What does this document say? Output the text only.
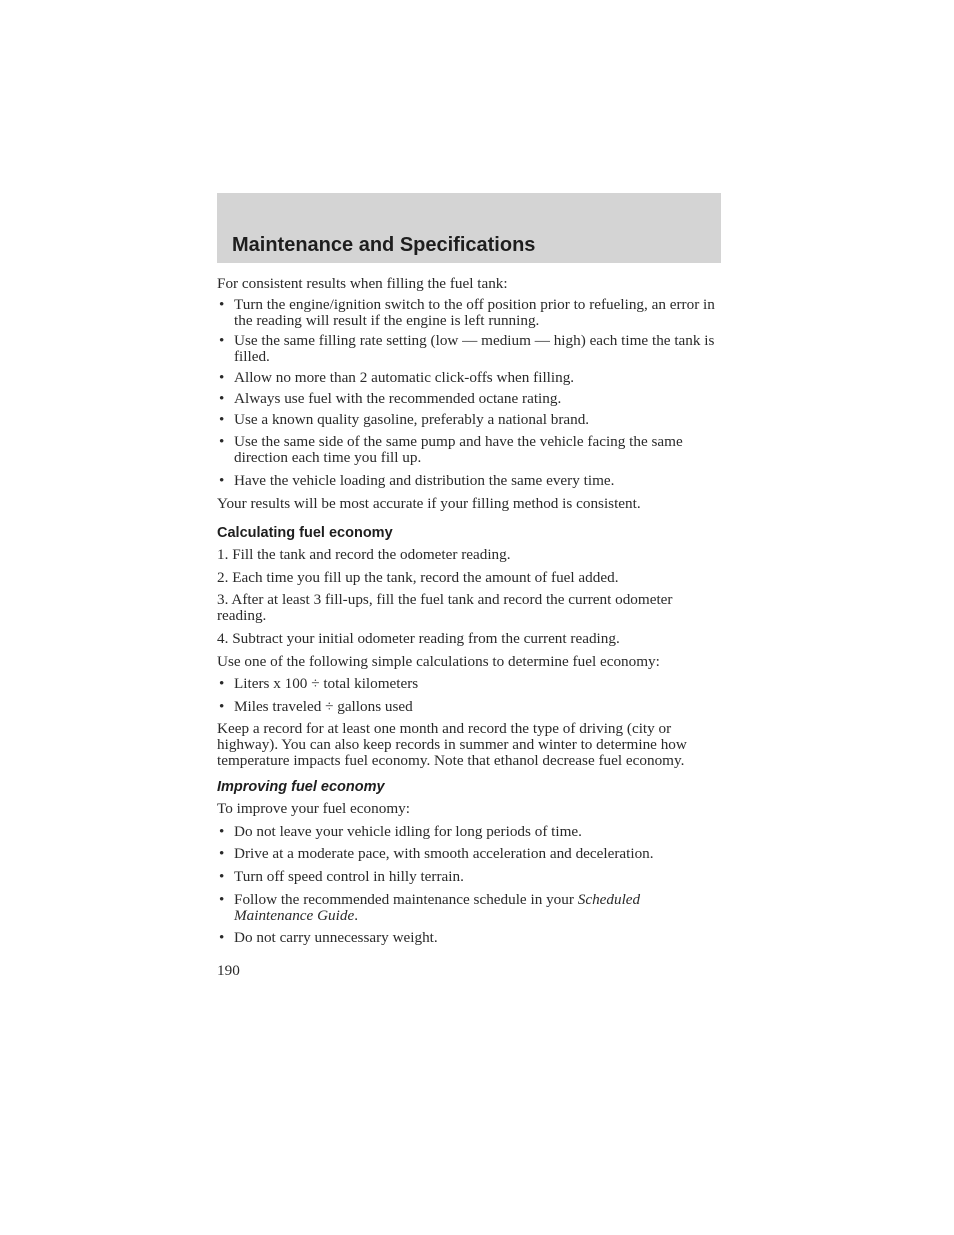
Maintenance and Specifications

For consistent results when filling the fuel tank:

• Turn the engine/ignition switch to the off position prior to refueling, an error in the reading will result if the engine is left running.
• Use the same filling rate setting (low — medium — high) each time the tank is filled.
• Allow no more than 2 automatic click-offs when filling.
• Always use fuel with the recommended octane rating.
• Use a known quality gasoline, preferably a national brand.
• Use the same side of the same pump and have the vehicle facing the same direction each time you fill up.
• Have the vehicle loading and distribution the same every time.

Your results will be most accurate if your filling method is consistent.

Calculating fuel economy
1. Fill the tank and record the odometer reading.
2. Each time you fill up the tank, record the amount of fuel added.
3. After at least 3 fill-ups, fill the fuel tank and record the current odometer reading.
4. Subtract your initial odometer reading from the current reading.

Use one of the following simple calculations to determine fuel economy:

• Liters x 100 ÷ total kilometers
• Miles traveled ÷ gallons used

Keep a record for at least one month and record the type of driving (city or highway). You can also keep records in summer and winter to determine how temperature impacts fuel economy. Note that ethanol decrease fuel economy.

Improving fuel economy

To improve your fuel economy:

• Do not leave your vehicle idling for long periods of time.
• Drive at a moderate pace, with smooth acceleration and deceleration.
• Turn off speed control in hilly terrain.
• Follow the recommended maintenance schedule in your Scheduled Maintenance Guide.
• Do not carry unnecessary weight.

190
